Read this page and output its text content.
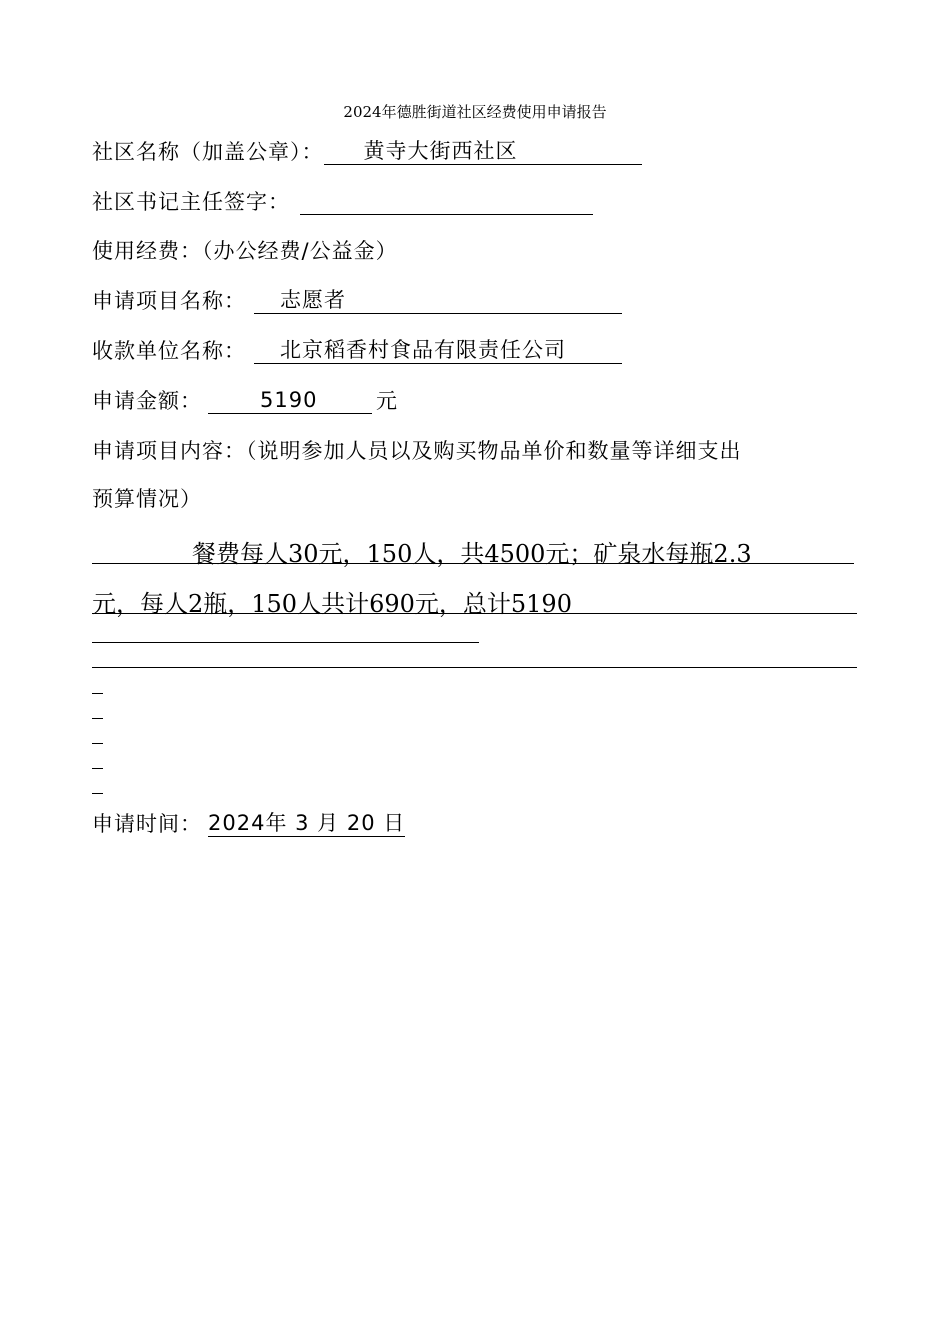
2024年德胜街道社区经费使用申请报告
社区名称（加盖公章）： 黄寺大街西社区
社区书记主任签字：
使用经费：（办公经费/公益金）
申请项目名称： 志愿者
收款单位名称： 北京稻香村食品有限责任公司
申请金额：	5190	元
申请项目内容：（说明参加人员以及购买物品单价和数量等详细支出
预算情况）
餐费每人30元，150人，共4500元；矿泉水每瓶2.3
元，每人2瓶，150人共计690元，总计5190
申请时间： 2024年 3 月 20 日
